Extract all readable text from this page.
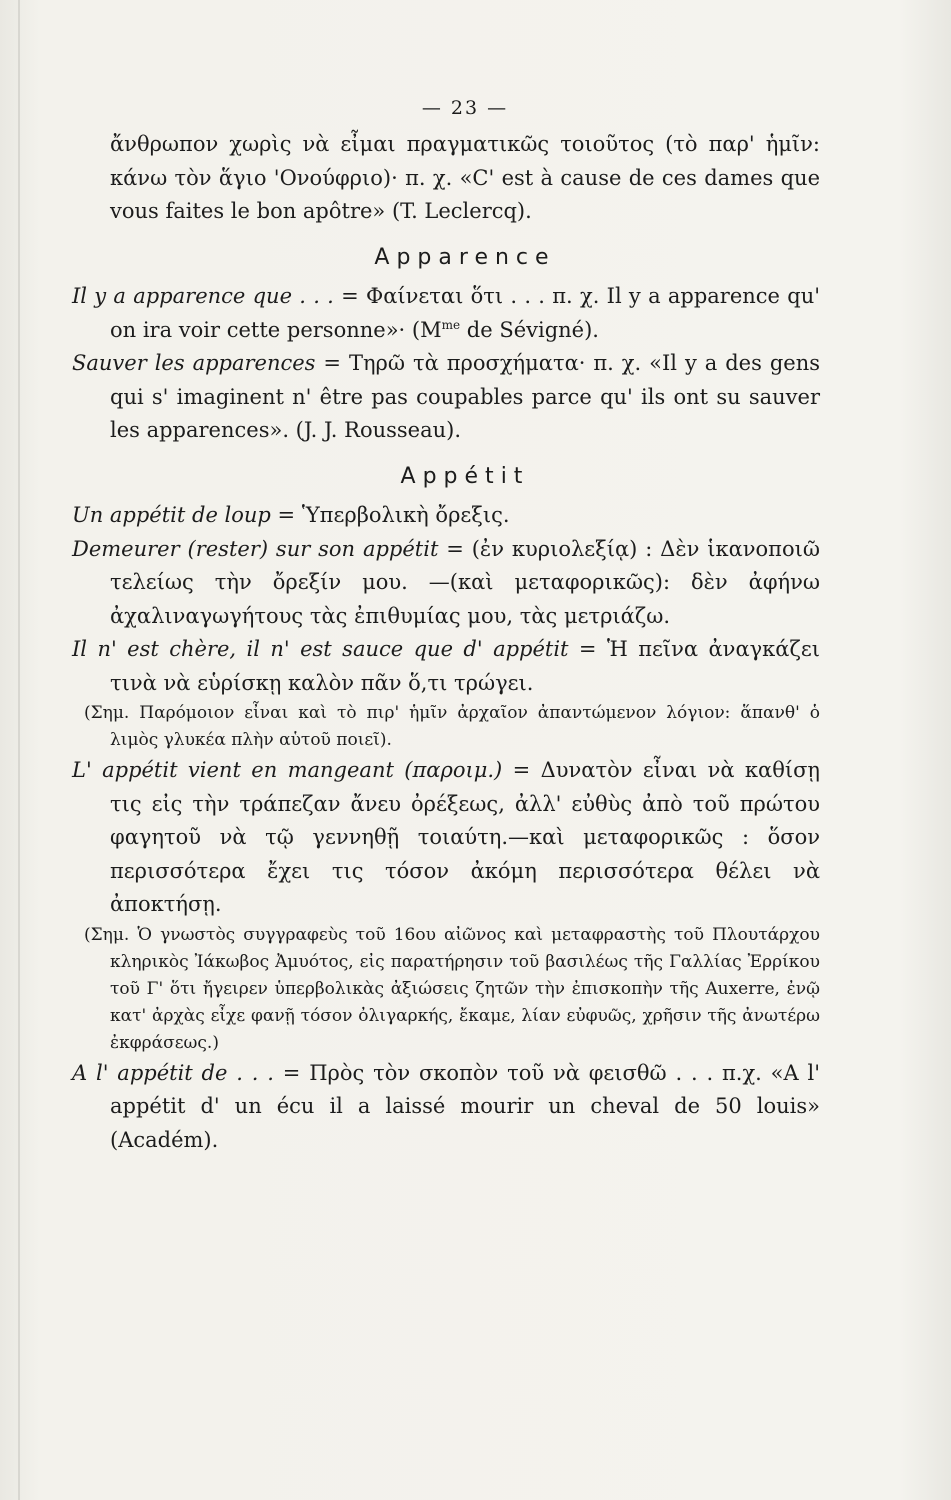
— 23 —

ἄνθρωπον χωρὶς νὰ εἶμαι πραγματικῶς τοιοῦτος (τὸ παρ' ἡμῖν: κάνω τὸν ἅγιο 'Ονούφριο)· π. χ. «C' est à cause de ces dames que vous faites le bon apôtre» (T. Leclercq).

Apparence

Il y a apparence que . . . = Φαίνεται ὅτι . . . π. χ. Il y a apparence qu' on ira voir cette personne»· ($M^{me}$ de Sévigné).

Sauver les apparences = Τηρῶ τὰ προσχήματα· π. χ. «Il y a des gens qui s' imaginent n' être pas coupables parce qu' ils ont su sauver les apparences». (J. J. Rousseau).

Appétit

Un appétit de loup = Ὑπερβολικὴ ὄρεξις.

Demeurer (rester) sur son appétit = (ἐν κυριολεξίᾳ) : Δὲν ἱκανοποιῶ τελείως τὴν ὄρεξίν μου. —(καὶ μεταφορικῶς): δὲν ἀφήνω ἀχαλιναγωγήτους τὰς ἐπιθυμίας μου, τὰς μετριάζω.

Il n' est chère, il n' est sauce que d' appétit = Ἡ πεῖνα ἀναγκάζει τινὰ νὰ εὑρίσκῃ καλὸν πᾶν ὅ,τι τρώγει.

(Σημ. Παρόμοιον εἶναι καὶ τὸ πιρ' ἡμῖν ἀρχαῖον ἀπαντώμενον λόγιον: ἅπανθ' ὁ λιμὸς γλυκέα πλὴν αὑτοῦ ποιεῖ).

L' appétit vient en mangeant (παροιμ.) = Δυνατὸν εἶναι νὰ καθίσῃ τις εἰς τὴν τράπεζαν ἄνευ ὀρέξεως, ἀλλ' εὐθὺς ἀπὸ τοῦ πρώτου φαγητοῦ νὰ τῷ γεννηθῇ τοιαύτη.—καὶ μεταφορικῶς : ὅσον περισσότερα ἔχει τις τόσον ἀκόμη περισσότερα θέλει νὰ ἀποκτήσῃ.

(Σημ. Ὁ γνωστὸς συγγραφεὺς τοῦ 16ου αἰῶνος καὶ μεταφραστὴς τοῦ Πλουτάρχου κληρικὸς Ἰάκωβος Ἀμυότος, εἰς παρατήρησιν τοῦ βασιλέως τῆς Γαλλίας Ἐρρίκου τοῦ Γ' ὅτι ἤγειρεν ὑπερβολικὰς ἀξιώσεις ζητῶν τὴν ἐπισκοπὴν τῆς Auxerre, ἐνῷ κατ' ἀρχὰς εἶχε φανῇ τόσον ὀλιγαρκής, ἔκαμε, λίαν εὐφυῶς, χρῆσιν τῆς ἀνωτέρω ἐκφράσεως.)

A l' appétit de . . . = Πρὸς τὸν σκοπὸν τοῦ νὰ φεισθῶ . . . π.χ. «A l' appétit d' un écu il a laissé mourir un cheval de 50 louis» (Académ).
